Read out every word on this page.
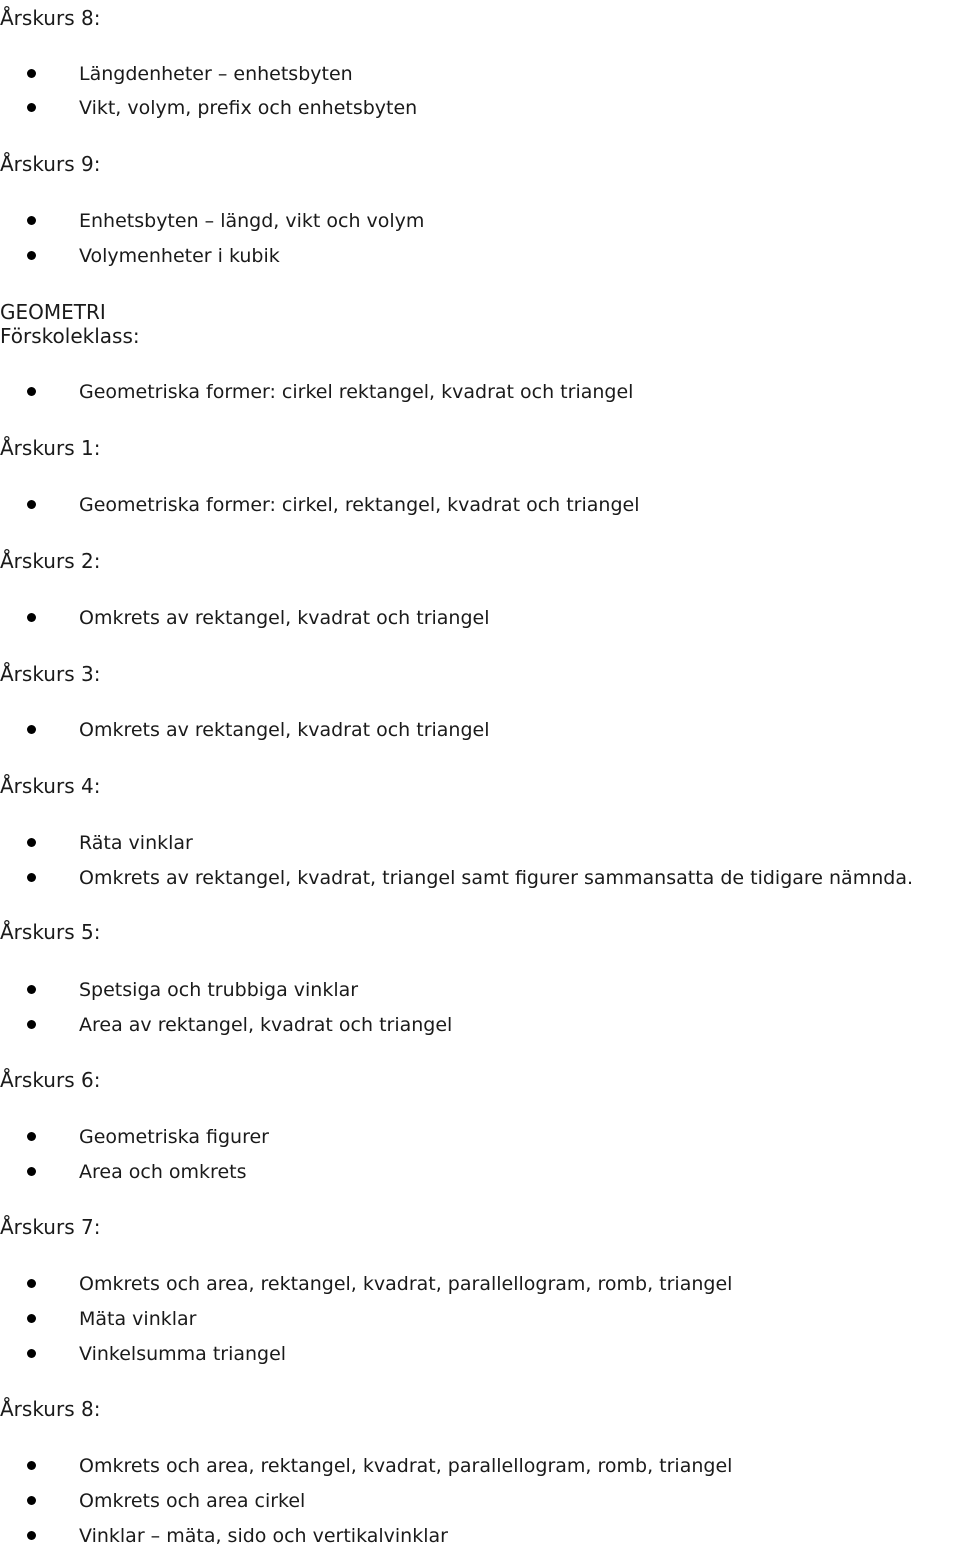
Årskurs 8:
Längdenheter – enhetsbyten
Vikt, volym, prefix och enhetsbyten
Årskurs 9:
Enhetsbyten – längd, vikt och volym
Volymenheter i kubik
GEOMETRI
Förskoleklass:
Geometriska former: cirkel rektangel, kvadrat och triangel
Årskurs 1:
Geometriska former: cirkel, rektangel, kvadrat och triangel
Årskurs 2:
Omkrets av rektangel, kvadrat och triangel
Årskurs 3:
Omkrets av rektangel, kvadrat och triangel
Årskurs 4:
Räta vinklar
Omkrets av rektangel, kvadrat, triangel samt figurer sammansatta de tidigare nämnda.
Årskurs 5:
Spetsiga och trubbiga vinklar
Area av rektangel, kvadrat och triangel
Årskurs 6:
Geometriska figurer
Area och omkrets
Årskurs 7:
Omkrets och area, rektangel, kvadrat, parallellogram, romb, triangel
Mäta vinklar
Vinkelsumma triangel
Årskurs 8:
Omkrets och area, rektangel, kvadrat, parallellogram, romb, triangel
Omkrets och area cirkel
Vinklar – mäta, sido och vertikalvinklar
